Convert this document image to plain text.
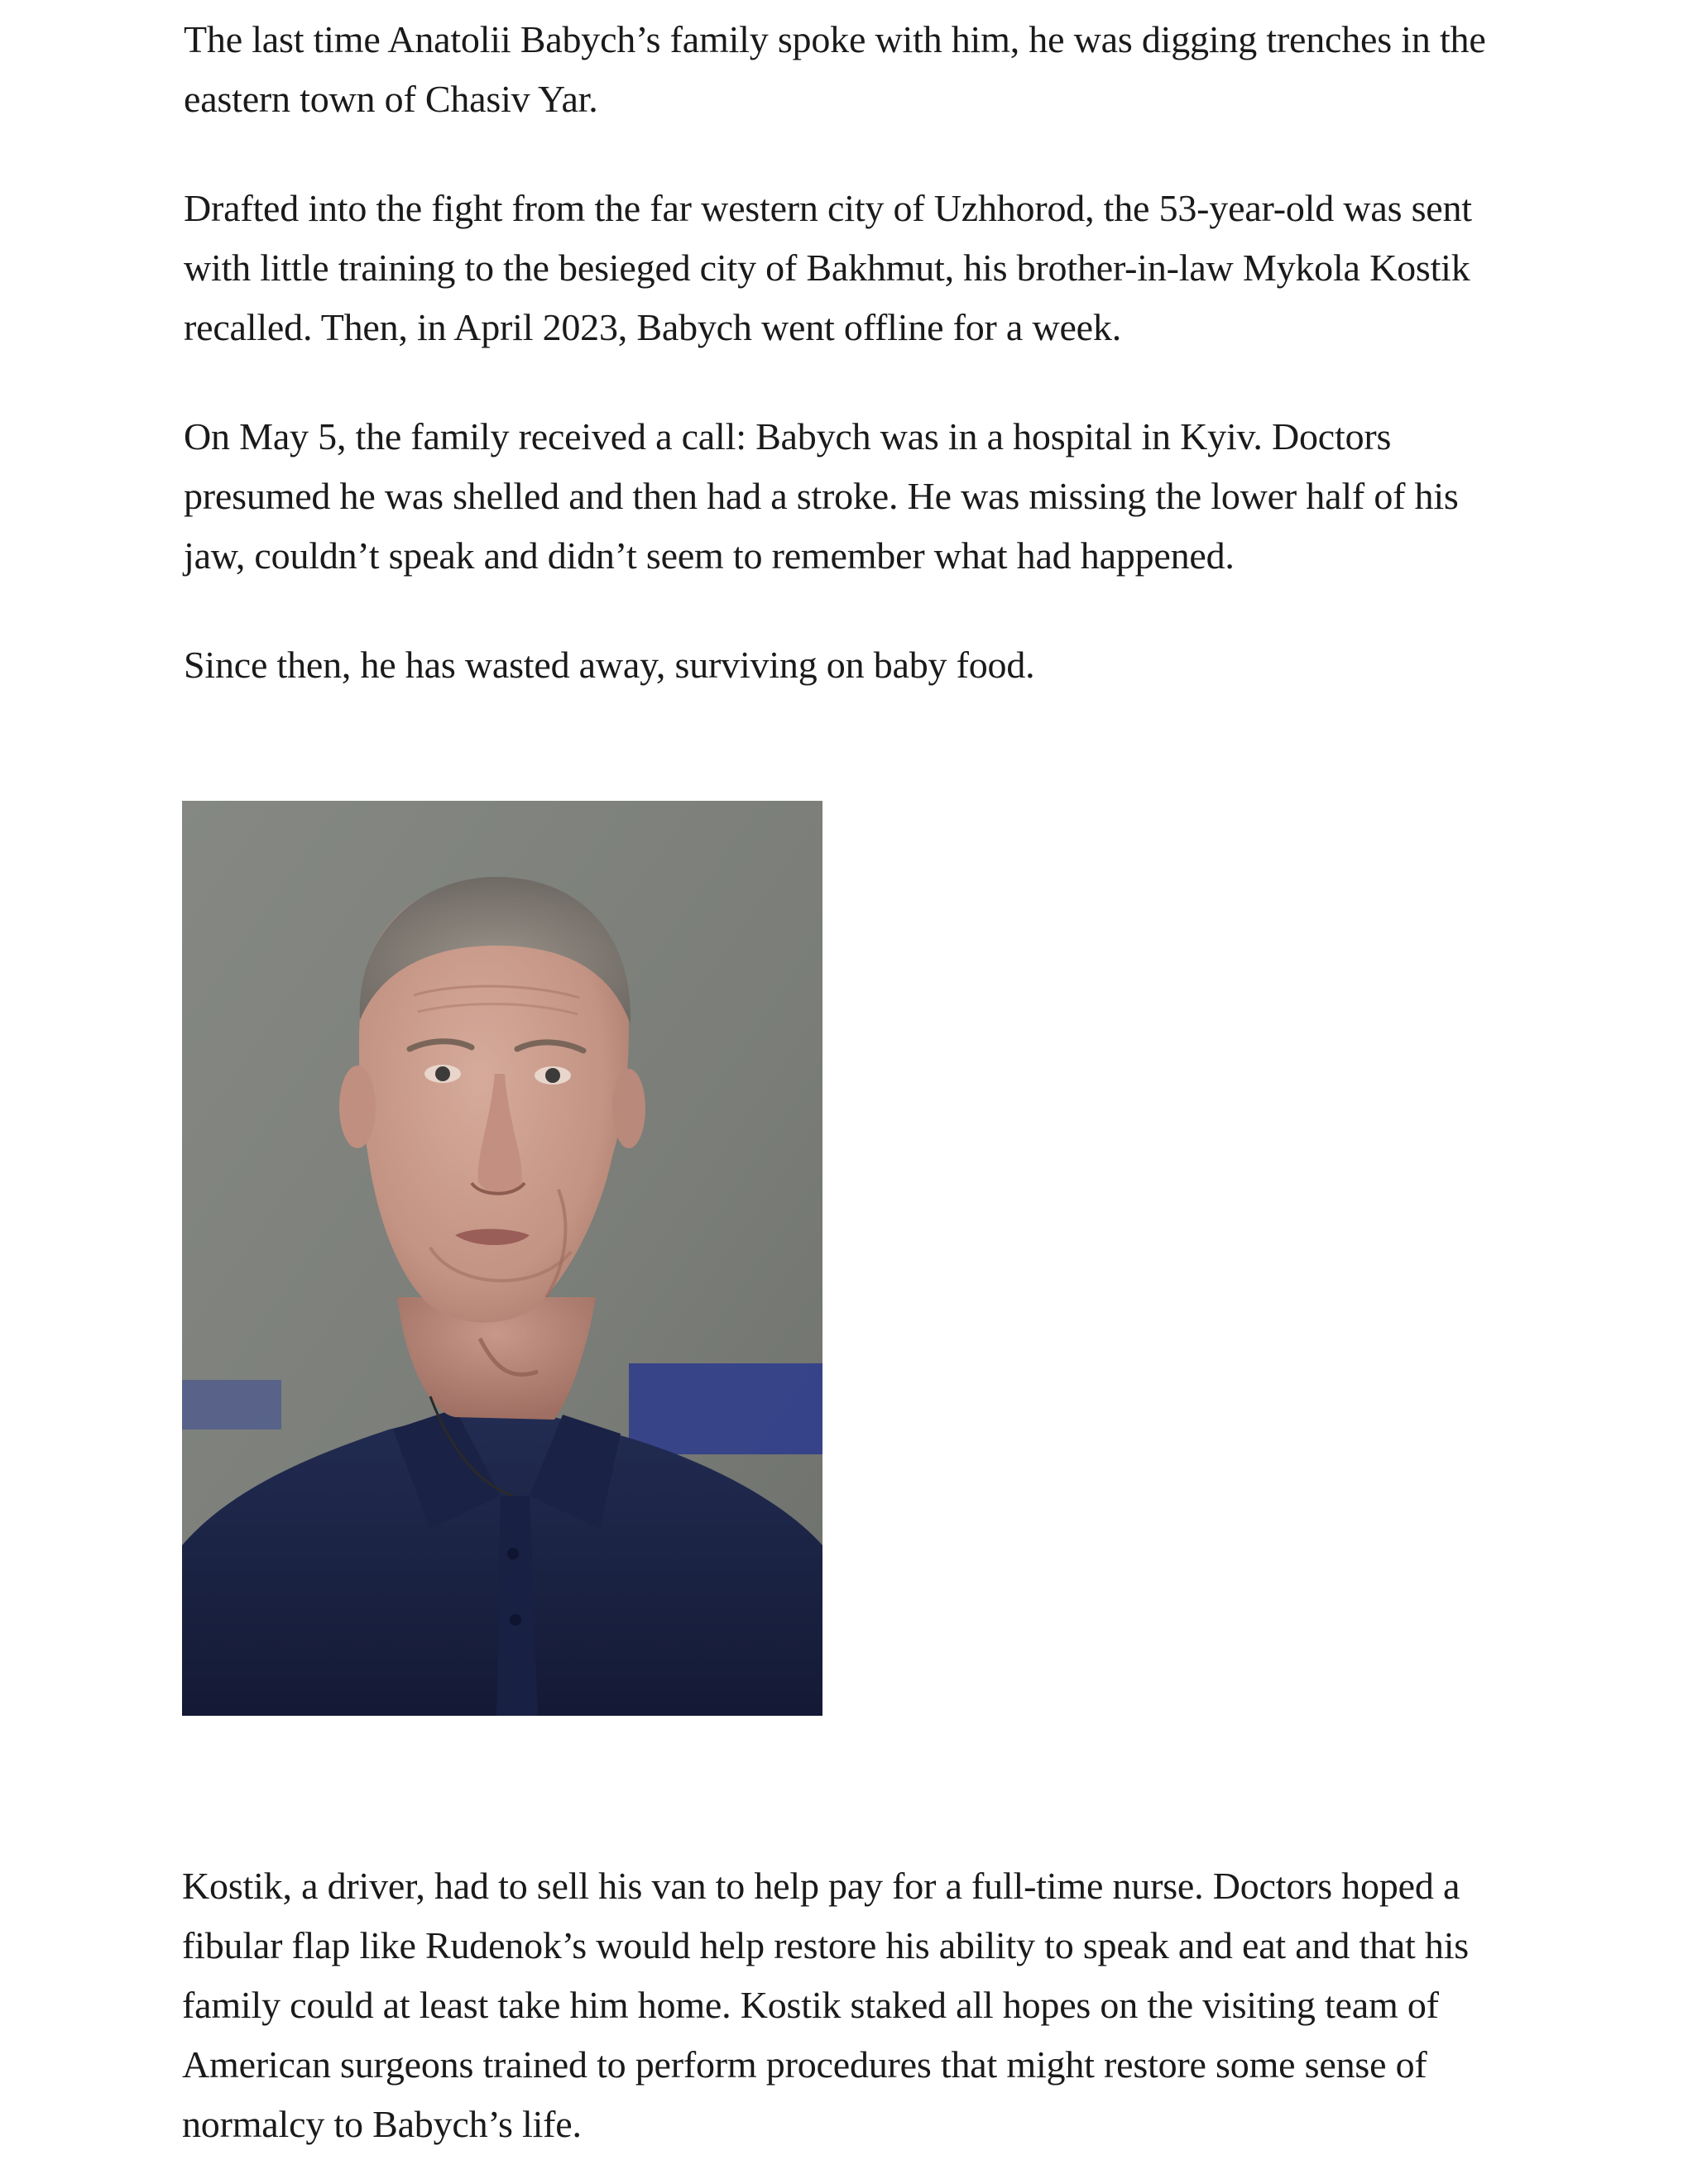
The last time Anatolii Babych’s family spoke with him, he was digging trenches in the eastern town of Chasiv Yar.

Drafted into the fight from the far western city of Uzhhorod, the 53-year-old was sent with little training to the besieged city of Bakhmut, his brother-in-law Mykola Kostik recalled. Then, in April 2023, Babych went offline for a week.

On May 5, the family received a call: Babych was in a hospital in Kyiv. Doctors presumed he was shelled and then had a stroke. He was missing the lower half of his jaw, couldn’t speak and didn’t seem to remember what had happened.

Since then, he has wasted away, surviving on baby food.

Kostik, a driver, had to sell his van to help pay for a full-time nurse. Doctors hoped a fibular flap like Rudenok’s would help restore his ability to speak and eat and that his family could at least take him home. Kostik staked all hopes on the visiting team of American surgeons trained to perform procedures that might restore some sense of normalcy to Babych’s life.
